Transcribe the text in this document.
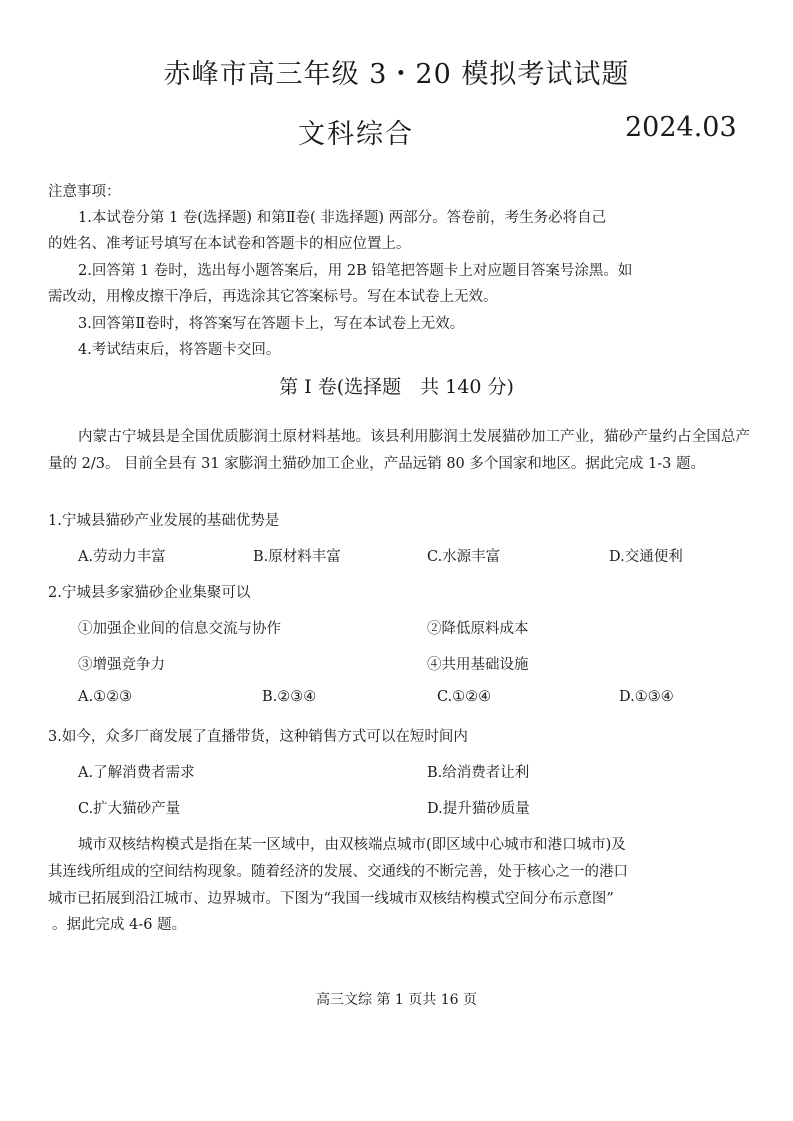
赤峰市高三年级 3・20 模拟考试试题
文科综合	2024.03
注意事项：
1.本试卷分第 1 卷(选择题) 和第Ⅱ卷( 非选择题) 两部分。答卷前，考生务必将自己
的姓名、准考证号填写在本试卷和答题卡的相应位置上。
2.回答第 1 卷时，选出每小题答案后，用 2B 铅笔把答题卡上对应题目答案号涂黑。如
需改动，用橡皮擦干净后，再选涂其它答案标号。写在本试卷上无效。
3.回答第Ⅱ卷时，将答案写在答题卡上，写在本试卷上无效。
4.考试结束后，将答题卡交回。
第 I 卷(选择题　共 140 分)
内蒙古宁城县是全国优质膨润土原材料基地。该县利用膨润土发展猫砂加工产业，猫砂产量约占全国总产量的 2/3。 目前全县有 31 家膨润土猫砂加工企业，产品远销 80 多个国家和地区。据此完成 1-3 题。
1.宁城县猫砂产业发展的基础优势是
A.劳动力丰富	B.原材料丰富	C.水源丰富	D.交通便利
2.宁城县多家猫砂企业集聚可以
①加强企业间的信息交流与协作	②降低原料成本
③增强竞争力	④共用基础设施
A.①②③	B.②③④	C.①②④	D.①③④
3.如今，众多厂商发展了直播带货，这种销售方式可以在短时间内
A.了解消费者需求	B.给消费者让利
C.扩大猫砂产量	D.提升猫砂质量
城市双核结构模式是指在某一区域中，由双核端点城市(即区域中心城市和港口城市)及
其连线所组成的空间结构现象。随着经济的发展、交通线的不断完善，处于核心之一的港口
城市已拓展到沿江城市、边界城市。下图为“我国一线城市双核结构模式空间分布示意图”
。据此完成 4-6 题。
高三文综 第 1 页共 16 页
